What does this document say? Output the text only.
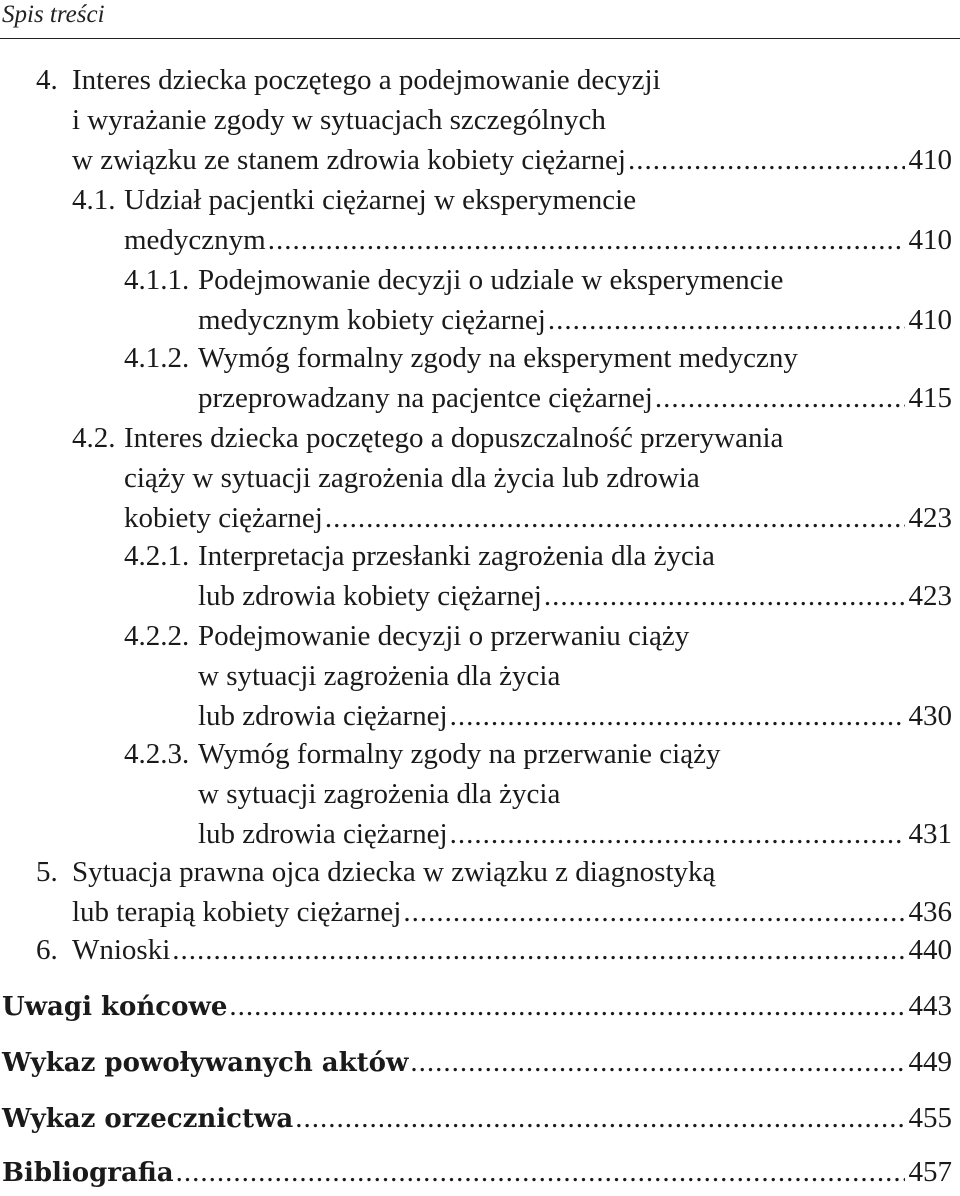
Spis treści
4. Interes dziecka poczętego a podejmowanie decyzji
i wyrażanie zgody w sytuacjach szczególnych
w związku ze stanem zdrowia kobiety ciężarnej .....	410
4.1. Udział pacjentki ciężarnej w eksperymencie
medycznym .....	410
4.1.1. Podejmowanie decyzji o udziale w eksperymencie
medycznym kobiety ciężarnej .....	410
4.1.2. Wymóg formalny zgody na eksperyment medyczny
przeprowadzany na pacjentce ciężarnej .....	415
4.2. Interes dziecka poczętego a dopuszczalność przerywania
ciąży w sytuacji zagrożenia dla życia lub zdrowia
kobiety ciężarnej .....	423
4.2.1. Interpretacja przesłanki zagrożenia dla życia
lub zdrowia kobiety ciężarnej .....	423
4.2.2. Podejmowanie decyzji o przerwaniu ciąży
w sytuacji zagrożenia dla życia
lub zdrowia ciężarnej .....	430
4.2.3. Wymóg formalny zgody na przerwanie ciąży
w sytuacji zagrożenia dla życia
lub zdrowia ciężarnej .....	431
5. Sytuacja prawna ojca dziecka w związku z diagnostyką
lub terapią kobiety ciężarnej .....	436
6. Wnioski .....	440
Uwagi końcowe .....	443
Wykaz powoływanych aktów .....	449
Wykaz orzecznictwa .....	455
Bibliografia .....	457
